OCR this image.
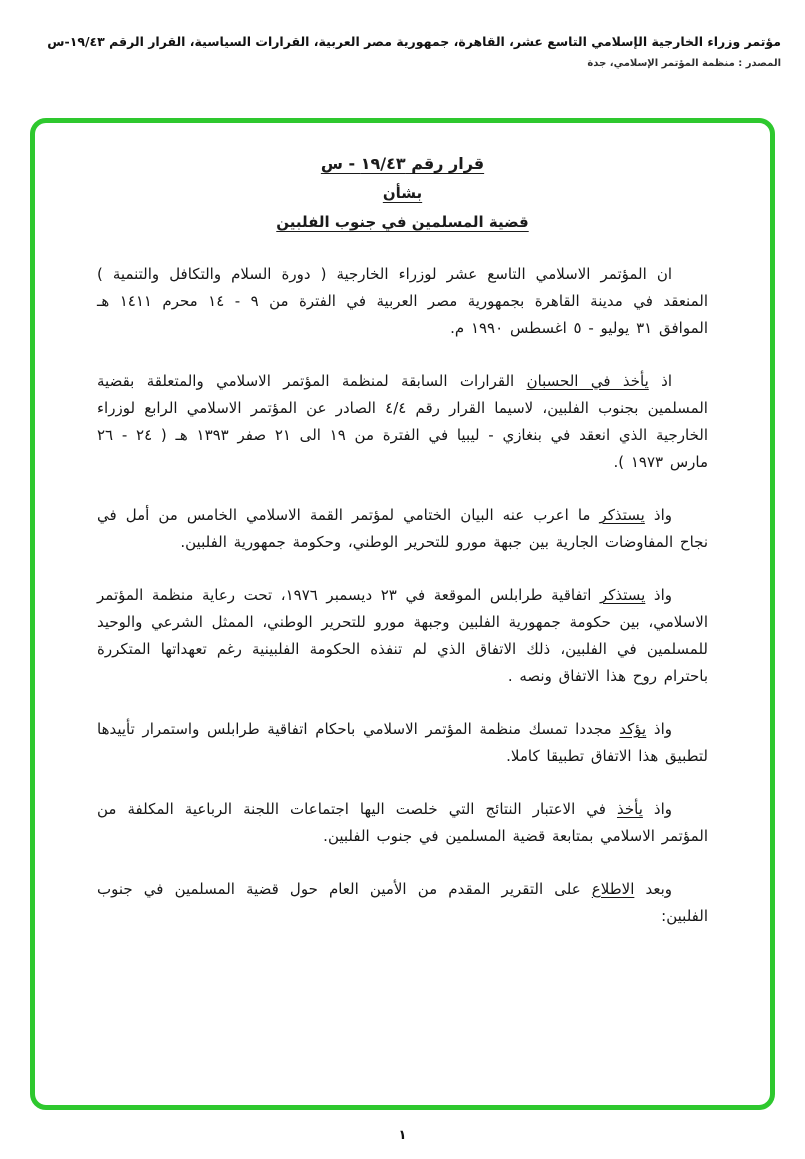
مؤتمر وزراء الخارجية الإسلامي التاسع عشر، القاهرة، جمهورية مصر العربية، القرارات السياسية، القرار الرقم ١٩/٤٣-س
المصدر : منظمة المؤتمر الإسلامي، جدة
قرار رقم ١٩/٤٣ - س
بشأن
قضية المسلمين في جنوب الفلبين

ان المؤتمر الاسلامي التاسع عشر لوزراء الخارجية ( دورة السلام والتكافل والتنمية ) المنعقد في مدينة القاهرة بجمهورية مصر العربية في الفترة من ٩ - ١٤ محرم ١٤١١ هـ الموافق ٣١ يوليو - ٥ اغسطس ١٩٩٠ م.

اذ يأخذ في الحسبان القرارات السابقة لمنظمة المؤتمر الاسلامي والمتعلقة بقضية المسلمين بجنوب الفلبين، لاسيما القرار رقم ٤/٤ الصادر عن المؤتمر الاسلامي الرابع لوزراء الخارجية الذي انعقد في بنغازي - ليبيا في الفترة من ١٩ الى ٢١ صفر ١٣٩٣ هـ ( ٢٤ - ٢٦ مارس ١٩٧٣ ).

واذ يستذكر ما اعرب عنه البيان الختامي لمؤتمر القمة الاسلامي الخامس من أمل في نجاح المفاوضات الجارية بين جبهة مورو للتحرير الوطني، وحكومة جمهورية الفلبين.

واذ يستذكر اتفاقية طرابلس الموقعة في ٢٣ ديسمبر ١٩٧٦، تحت رعاية منظمة المؤتمر الاسلامي، بين حكومة جمهورية الفلبين وجبهة مورو للتحرير الوطني، الممثل الشرعي والوحيد للمسلمين في الفلبين، ذلك الاتفاق الذي لم تنفذه الحكومة الفلبينية رغم تعهداتها المتكررة باحترام روح هذا الاتفاق ونصه .

واذ يؤكد مجددا تمسك منظمة المؤتمر الاسلامي باحكام اتفاقية طرابلس واستمرار تأييدها لتطبيق هذا الاتفاق تطبيقا كاملا.

واذ يأخذ في الاعتبار النتائج التي خلصت اليها اجتماعات اللجنة الرباعية المكلفة من المؤتمر الاسلامي بمتابعة قضية المسلمين في جنوب الفلبين.

وبعد الاطلاع على التقرير المقدم من الأمين العام حول قضية المسلمين في جنوب الفلبين:

١
